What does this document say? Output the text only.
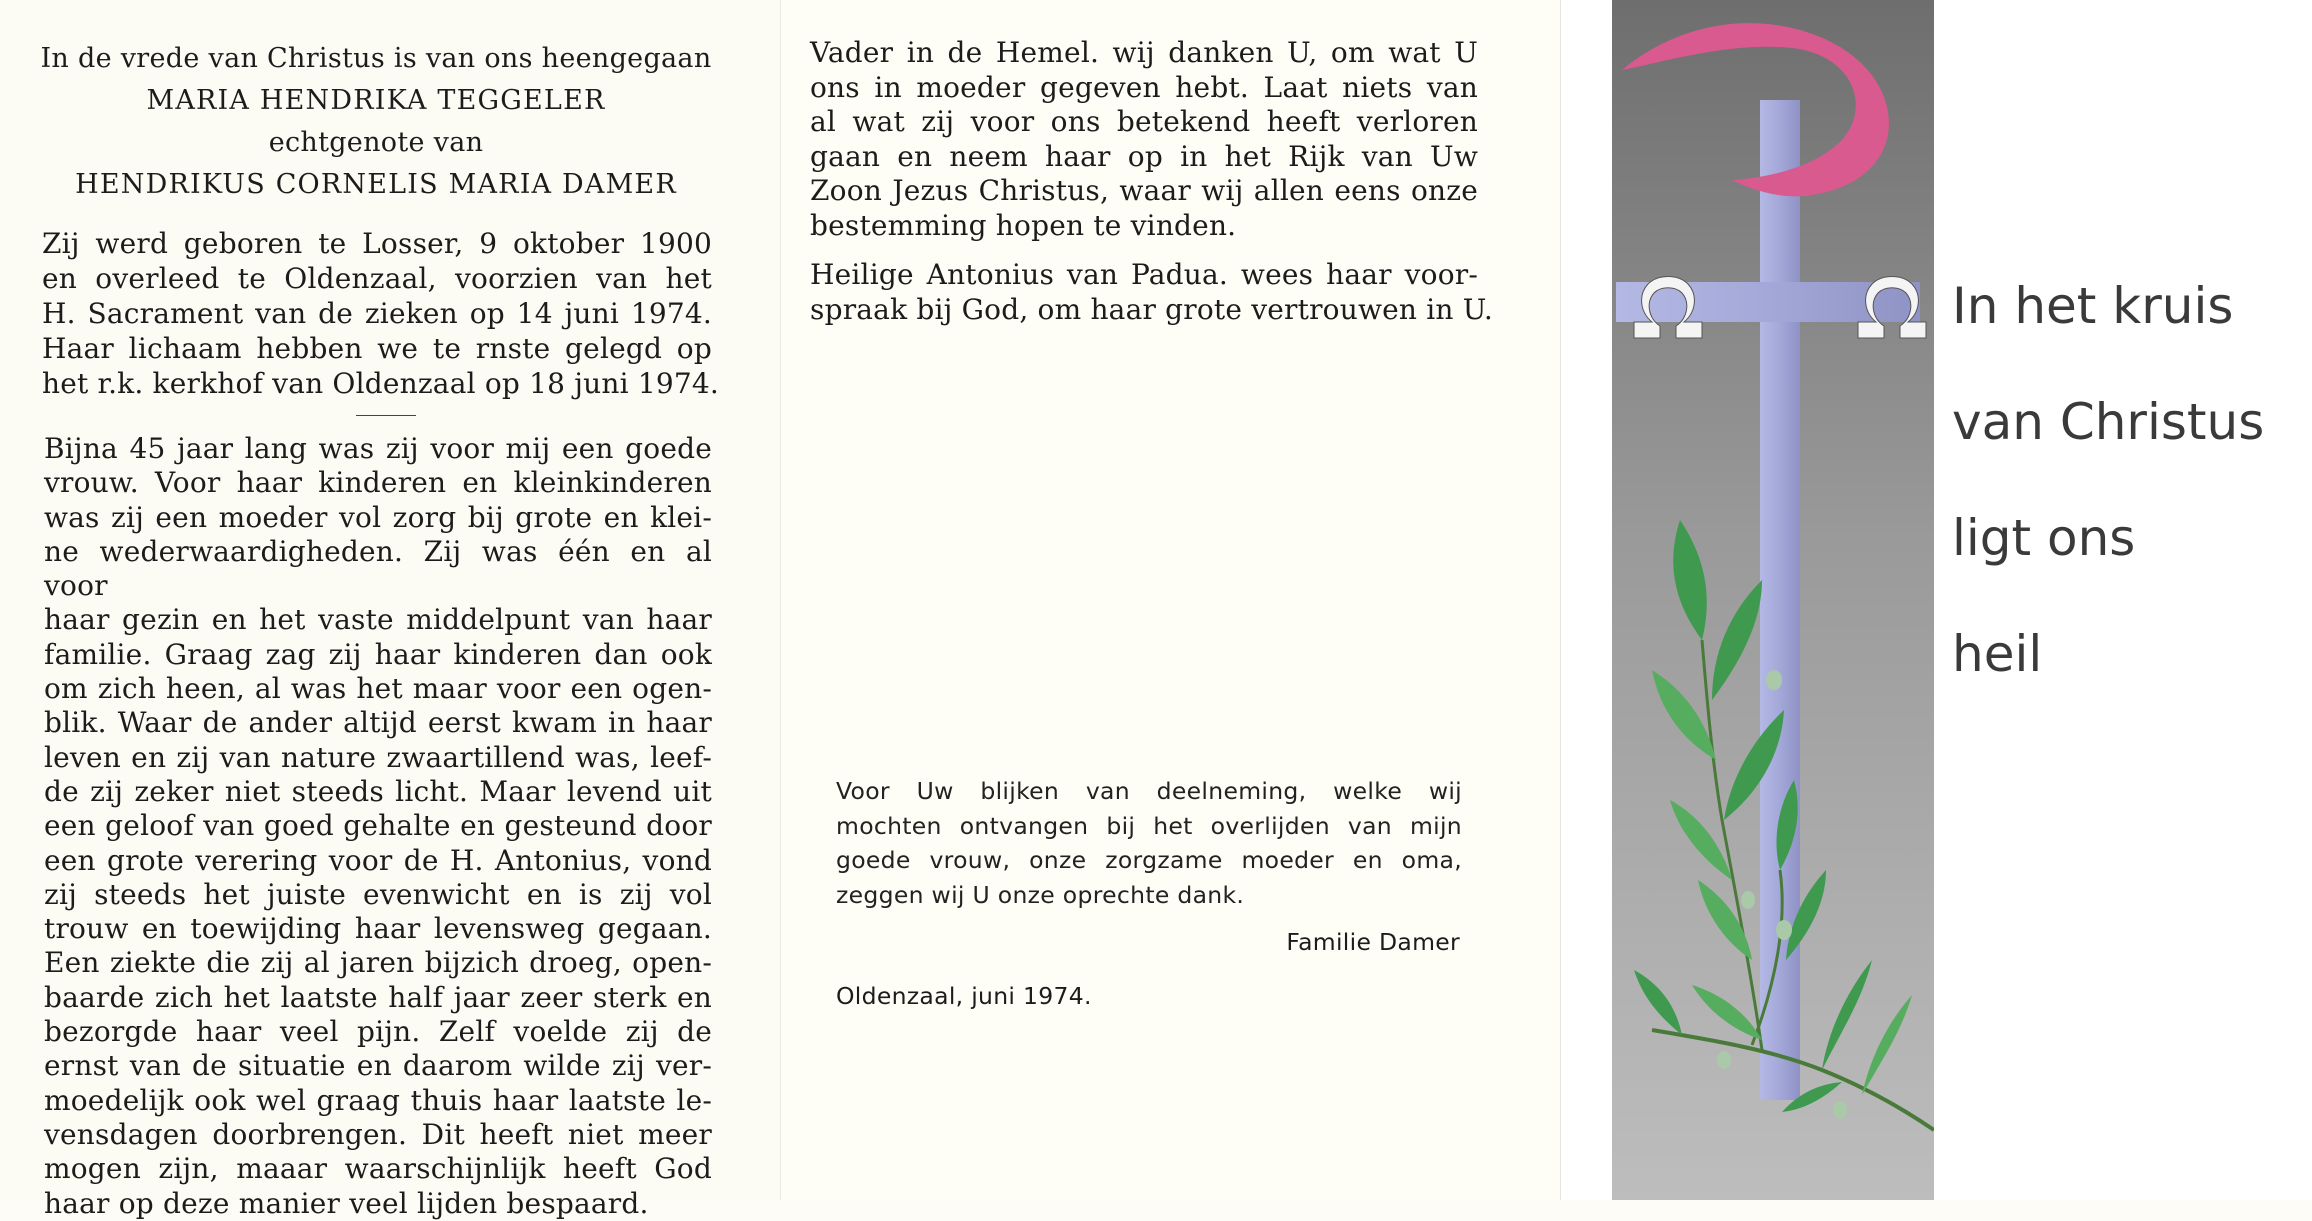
In de vrede van Christus is van ons heengegaan
MARIA HENDRIKA TEGGELER
echtgenote van
HENDRIKUS CORNELIS MARIA DAMER
Zij werd geboren te Losser, 9 oktober 1900
en overleed te Oldenzaal, voorzien van het
H. Sacrament van de zieken op 14 juni 1974.
Haar lichaam hebben we te rnste gelegd op
het r.k. kerkhof van Oldenzaal op 18 juni 1974.
Bijna 45 jaar lang was zij voor mij een goede
vrouw. Voor haar kinderen en kleinkinderen
was zij een moeder vol zorg bij grote en klei-
ne wederwaardigheden. Zij was één en al voor
haar gezin en het vaste middelpunt van haar
familie. Graag zag zij haar kinderen dan ook
om zich heen, al was het maar voor een ogen-
blik. Waar de ander altijd eerst kwam in haar
leven en zij van nature zwaartillend was, leef-
de zij zeker niet steeds licht. Maar levend uit
een geloof van goed gehalte en gesteund door
een grote verering voor de H. Antonius, vond
zij steeds het juiste evenwicht en is zij vol
trouw en toewijding haar levensweg gegaan.
Een ziekte die zij al jaren bijzich droeg, open-
baarde zich het laatste half jaar zeer sterk en
bezorgde haar veel pijn. Zelf voelde zij de
ernst van de situatie en daarom wilde zij ver-
moedelijk ook wel graag thuis haar laatste le-
vensdagen doorbrengen. Dit heeft niet meer
mogen zijn, maaar waarschijnlijk heeft God
haar op deze manier veel lijden bespaard.
Vader in de Hemel. wij danken U, om wat U
ons in moeder gegeven hebt. Laat niets van
al wat zij voor ons betekend heeft verloren
gaan en neem haar op in het Rijk van Uw
Zoon Jezus Christus, waar wij allen eens onze
bestemming hopen te vinden.
Heilige Antonius van Padua. wees haar voor-
spraak bij God, om haar grote vertrouwen in U.
Voor Uw blijken van deelneming, welke wij
mochten ontvangen bij het overlijden van mijn
goede vrouw, onze zorgzame moeder en oma,
zeggen wij U onze oprechte dank.
Familie Damer
Oldenzaal, juni 1974.
In het kruis
van Christus
ligt ons
heil
